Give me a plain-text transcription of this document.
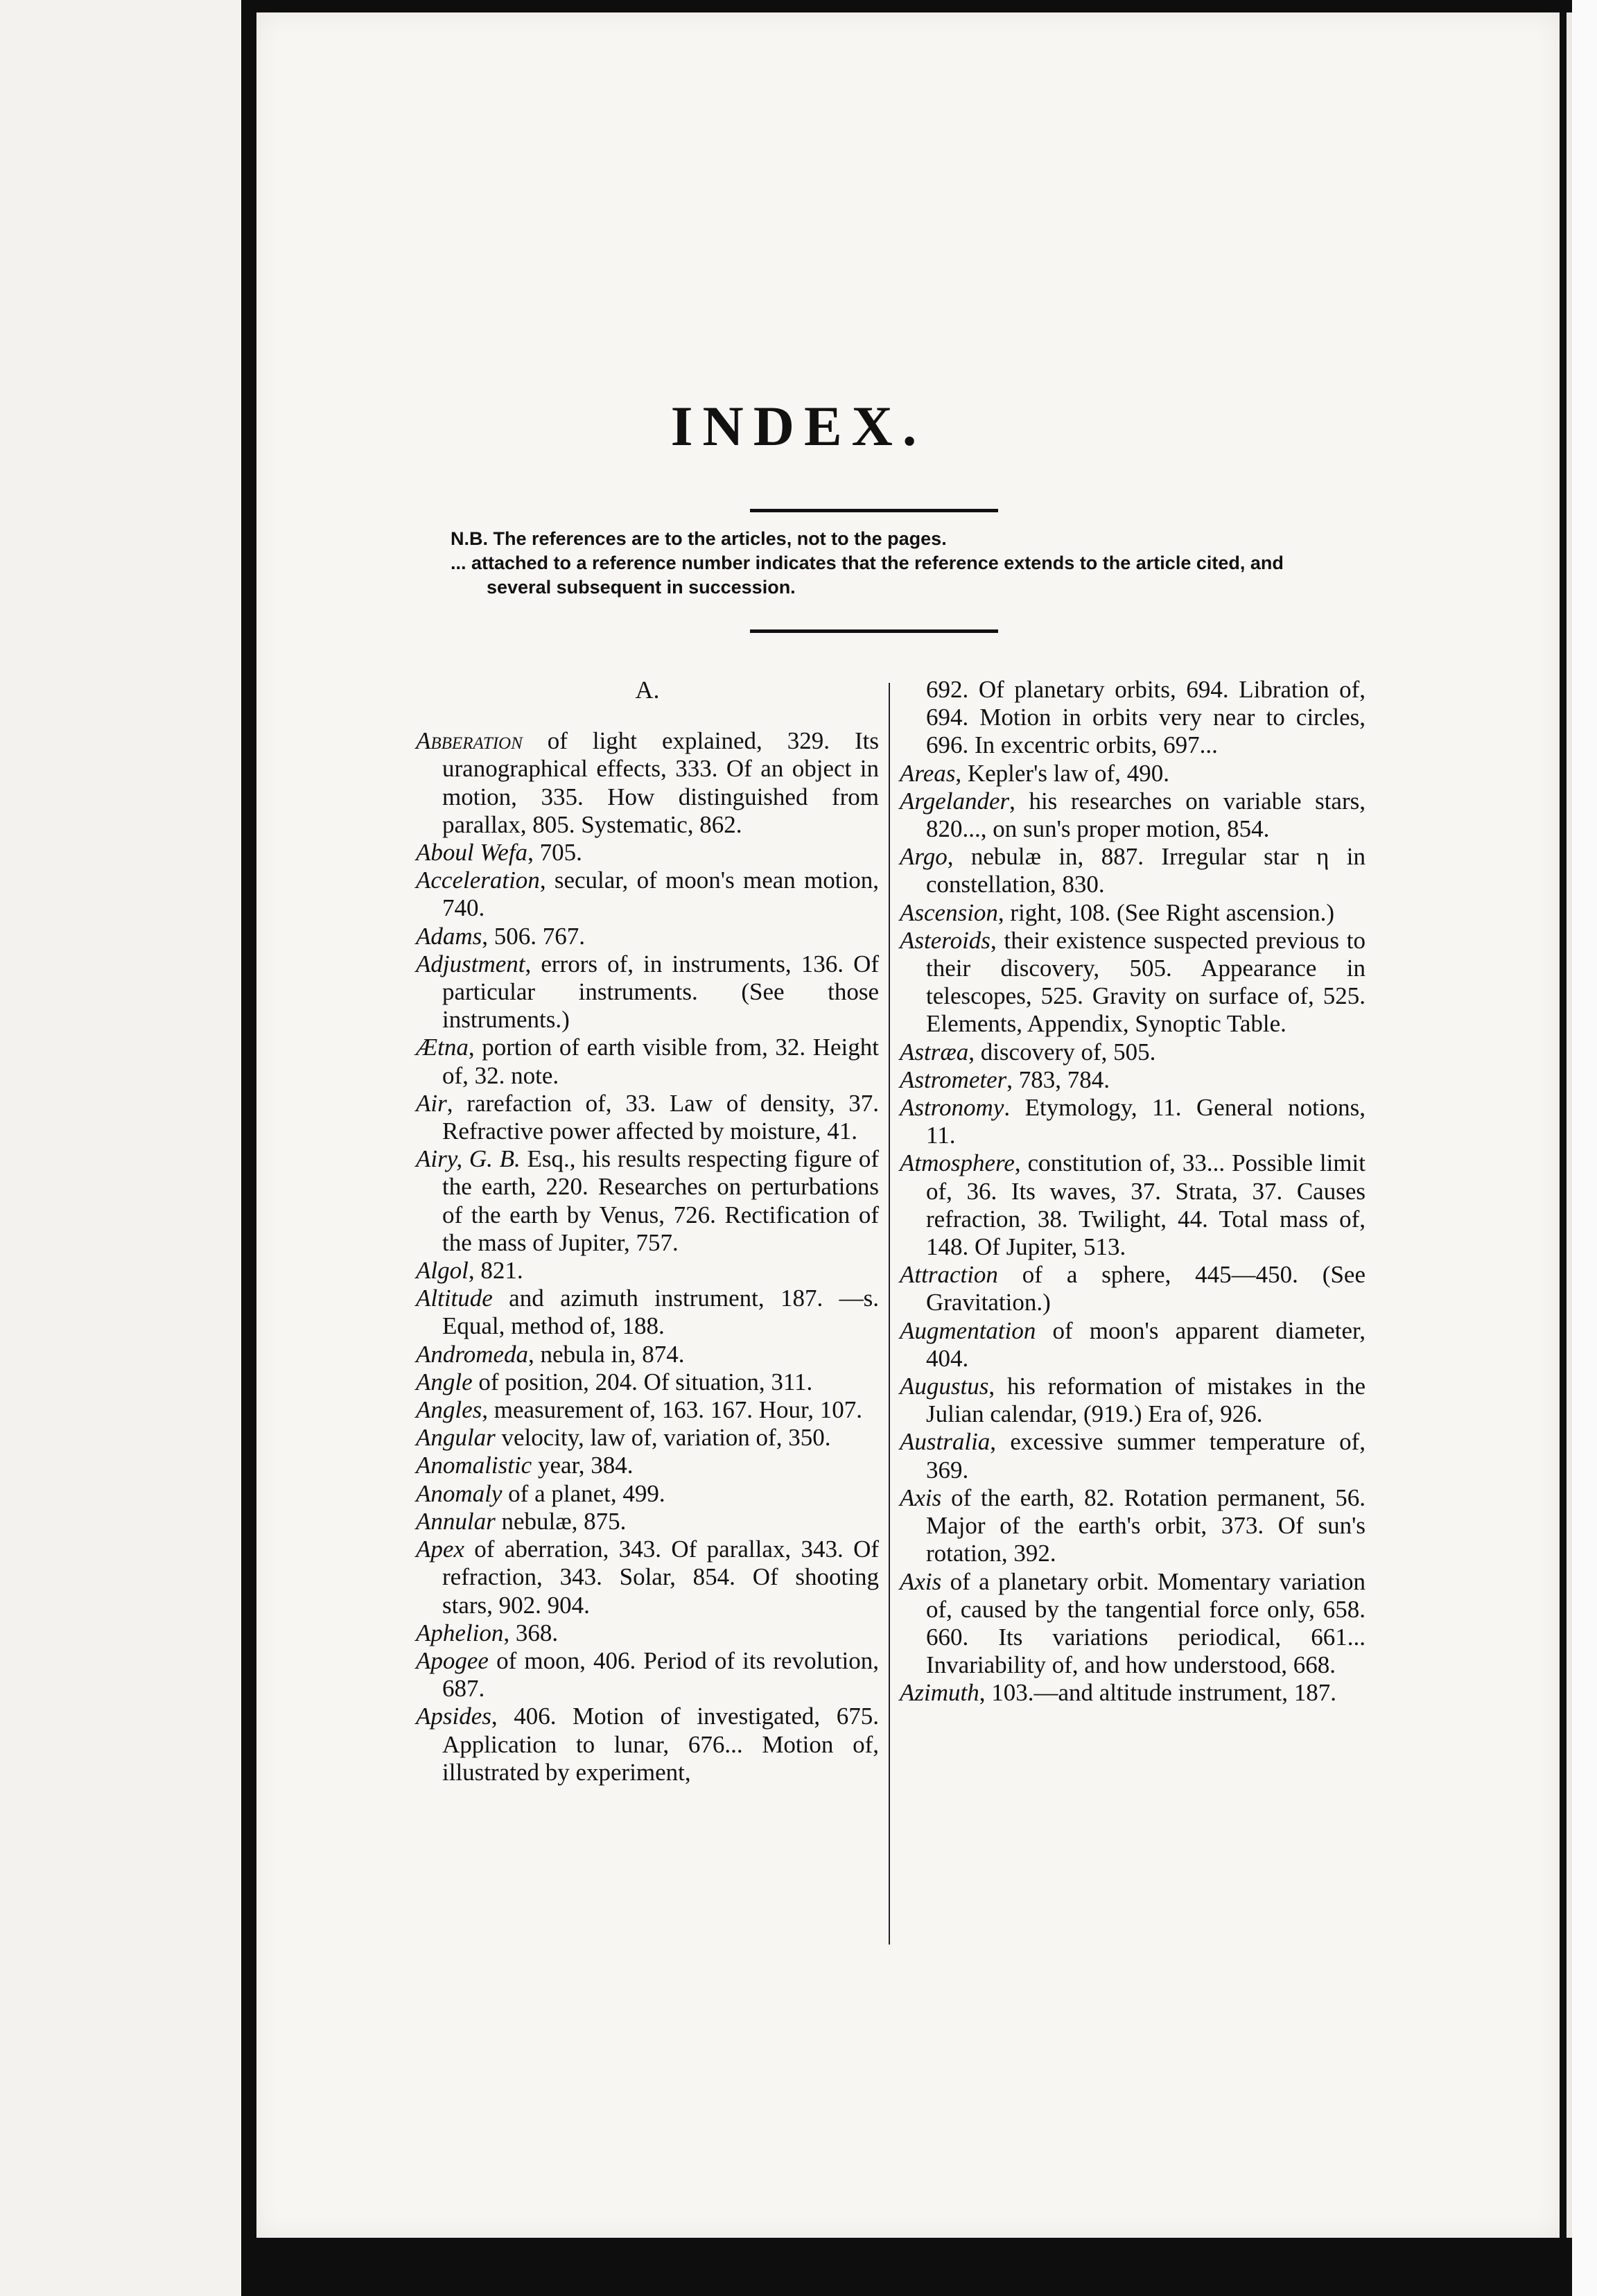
INDEX.
N.B. The references are to the articles, not to the pages.
... attached to a reference number indicates that the reference extends to the article cited, and
several subsequent in succession.
A.

Abberation of light explained, 329. Its uranographical effects, 333. Of an object in motion, 335. How distinguished from parallax, 805. Systematic, 862.

Aboul Wefa, 705.

Acceleration, secular, of moon's mean motion, 740.

Adams, 506. 767.

Adjustment, errors of, in instruments, 136. Of particular instruments. (See those instruments.)

Ætna, portion of earth visible from, 32. Height of, 32. note.

Air, rarefaction of, 33. Law of density, 37. Refractive power affected by moisture, 41.

Airy, G. B. Esq., his results respecting figure of the earth, 220. Researches on perturbations of the earth by Venus, 726. Rectification of the mass of Jupiter, 757.

Algol, 821.

Altitude and azimuth instrument, 187. —s. Equal, method of, 188.

Andromeda, nebula in, 874.

Angle of position, 204. Of situation, 311.

Angles, measurement of, 163. 167. Hour, 107.

Angular velocity, law of, variation of, 350.

Anomalistic year, 384.

Anomaly of a planet, 499.

Annular nebulæ, 875.

Apex of aberration, 343. Of parallax, 343. Of refraction, 343. Solar, 854. Of shooting stars, 902. 904.

Aphelion, 368.

Apogee of moon, 406. Period of its revolution, 687.

Apsides, 406. Motion of investigated, 675. Application to lunar, 676... Motion of, illustrated by experiment,

692. Of planetary orbits, 694. Libration of, 694. Motion in orbits very near to circles, 696. In excentric orbits, 697...

Areas, Kepler's law of, 490.

Argelander, his researches on variable stars, 820..., on sun's proper motion, 854.

Argo, nebulæ in, 887. Irregular star η in constellation, 830.

Ascension, right, 108. (See Right ascension.)

Asteroids, their existence suspected previous to their discovery, 505. Appearance in telescopes, 525. Gravity on surface of, 525. Elements, Appendix, Synoptic Table.

Astræa, discovery of, 505.

Astrometer, 783, 784.

Astronomy. Etymology, 11. General notions, 11.

Atmosphere, constitution of, 33... Possible limit of, 36. Its waves, 37. Strata, 37. Causes refraction, 38. Twilight, 44. Total mass of, 148. Of Jupiter, 513.

Attraction of a sphere, 445—450. (See Gravitation.)

Augmentation of moon's apparent diameter, 404.

Augustus, his reformation of mistakes in the Julian calendar, (919.) Era of, 926.

Australia, excessive summer temperature of, 369.

Axis of the earth, 82. Rotation permanent, 56. Major of the earth's orbit, 373. Of sun's rotation, 392.

Axis of a planetary orbit. Momentary variation of, caused by the tangential force only, 658. 660. Its variations periodical, 661... Invariability of, and how understood, 668.

Azimuth, 103.—and altitude instrument, 187.
